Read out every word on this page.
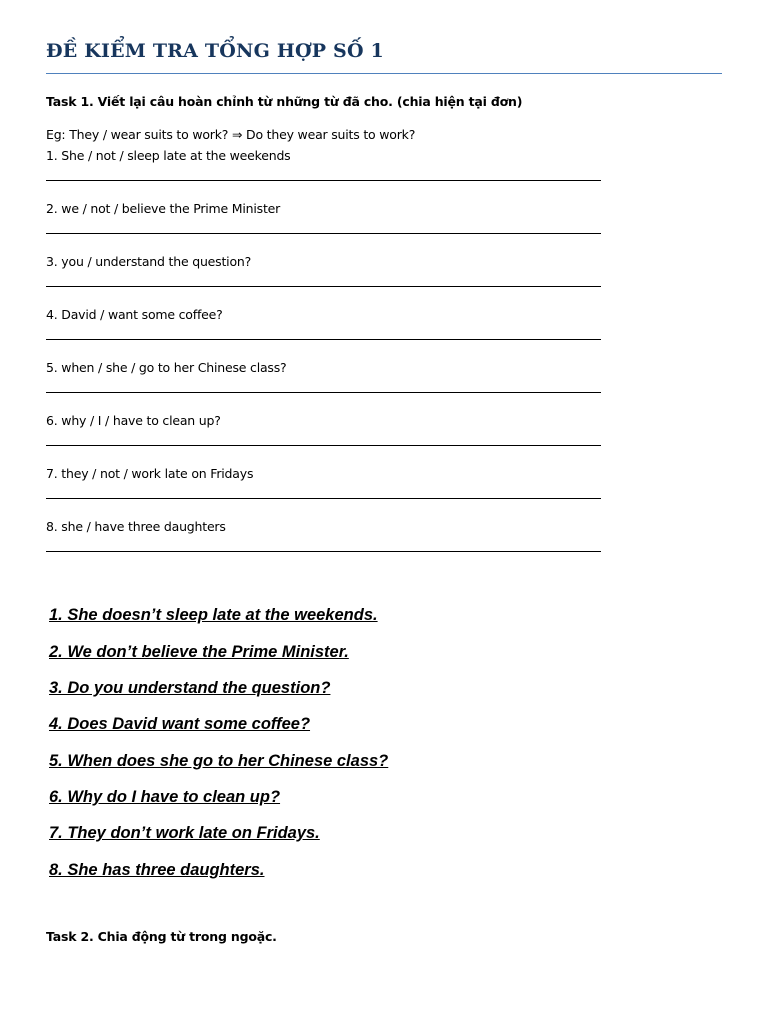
ĐỀ KIỂM TRA TỔNG HỢP SỐ 1
Task 1. Viết lại câu hoàn chỉnh từ những từ đã cho. (chia hiện tại đơn)
Eg: They / wear suits to work? ⇒ Do they wear suits to work?
1. She / not / sleep late at the weekends
2. we / not / believe the Prime Minister
3. you / understand the question?
4. David / want some coffee?
5. when / she / go to her Chinese class?
6. why / I / have to clean up?
7. they / not / work late on Fridays
8. she / have three daughters
1. She doesn’t sleep late at the weekends.
2. We don’t believe the Prime Minister.
3. Do you understand the question?
4. Does David want some coffee?
5. When does she go to her Chinese class?
6. Why do I have to clean up?
7. They don’t work late on Fridays.
8. She has three daughters.
Task 2. Chia động từ trong ngoặc.
